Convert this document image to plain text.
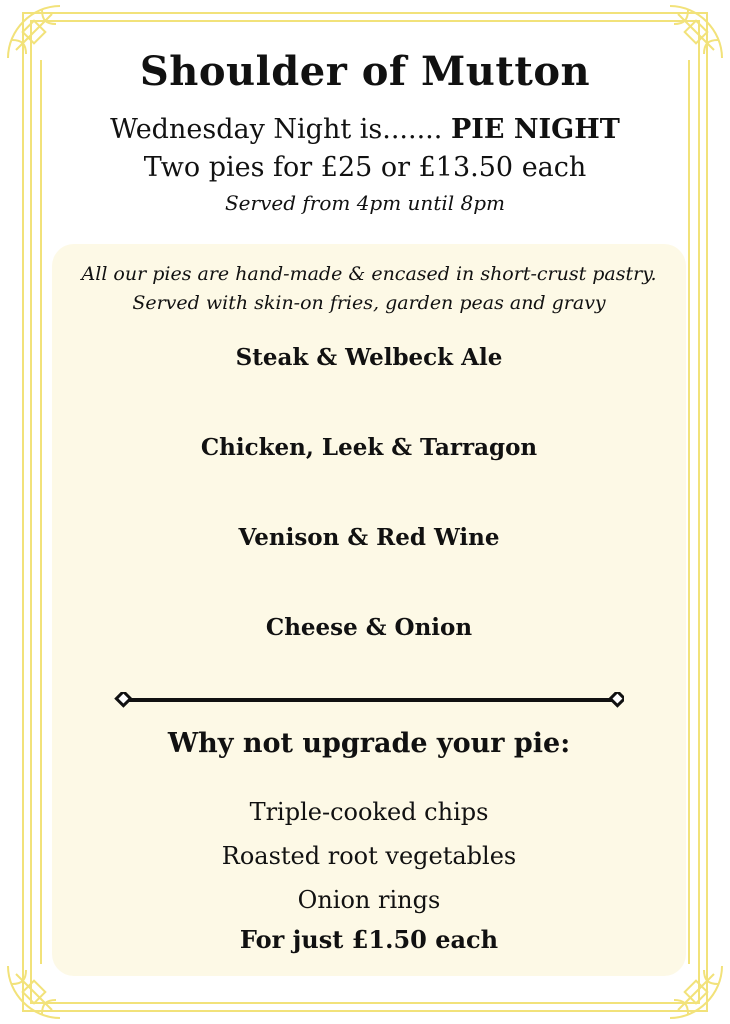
Shoulder of Mutton

Wednesday Night is....... PIE NIGHT

Two pies for £25 or £13.50 each

Served from 4pm until 8pm

All our pies are hand-made & encased in short-crust pastry. Served with skin-on fries, garden peas and gravy

Steak & Welbeck Ale
Chicken, Leek & Tarragon
Venison & Red Wine
Cheese & Onion
Why not upgrade your pie:
Triple-cooked chips
Roasted root vegetables
Onion rings

For just £1.50 each
